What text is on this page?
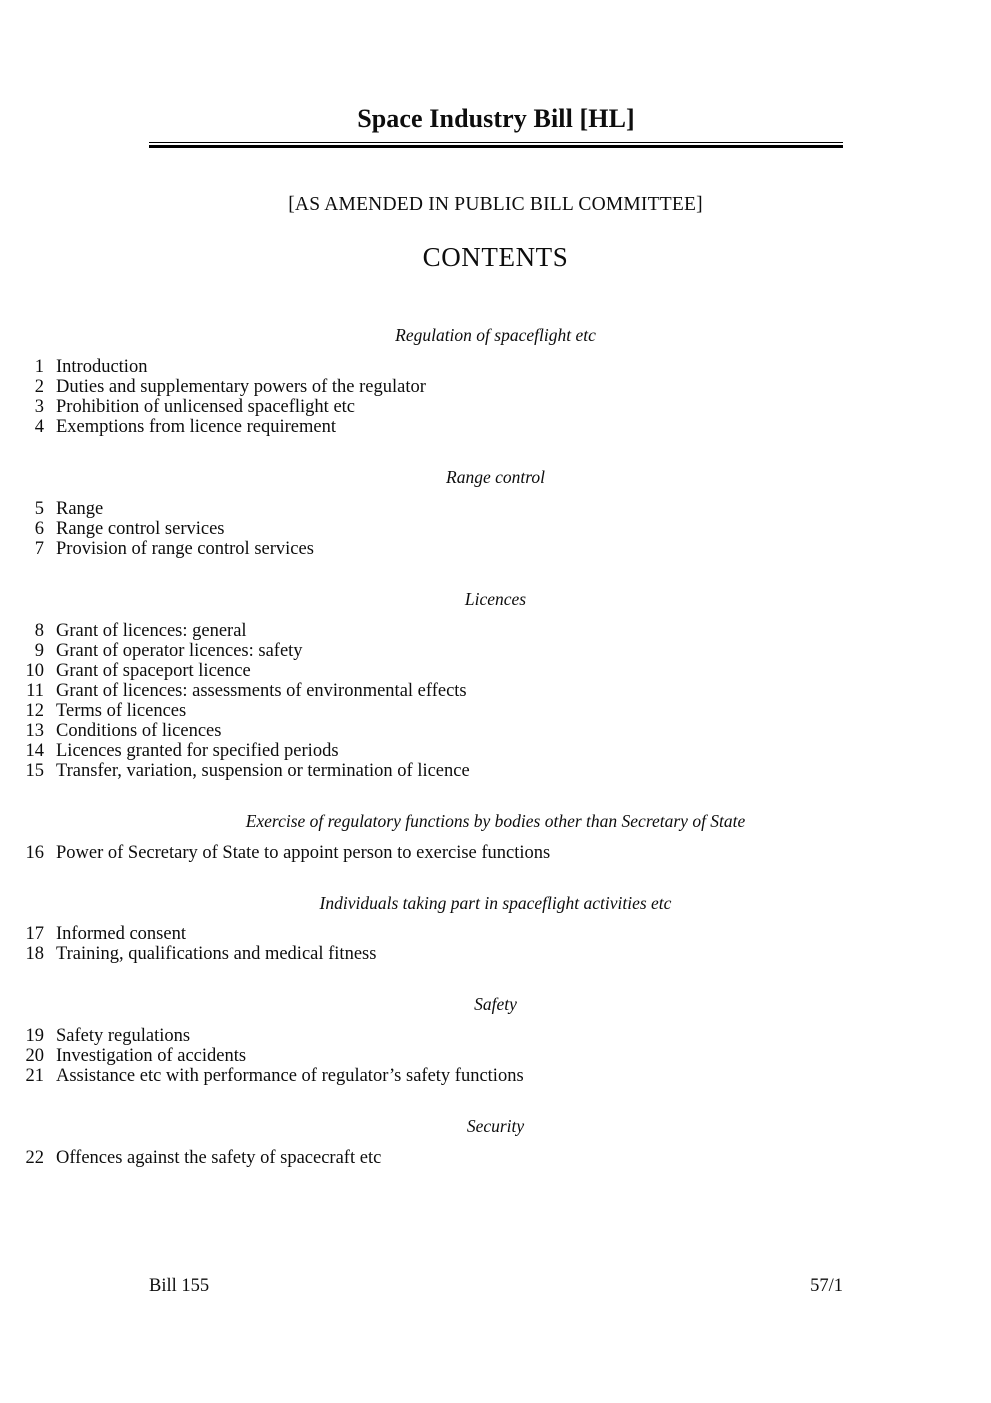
Space Industry Bill [HL]
[AS AMENDED IN PUBLIC BILL COMMITTEE]
CONTENTS
Regulation of spaceflight etc
1 Introduction
2 Duties and supplementary powers of the regulator
3 Prohibition of unlicensed spaceflight etc
4 Exemptions from licence requirement
Range control
5 Range
6 Range control services
7 Provision of range control services
Licences
8 Grant of licences: general
9 Grant of operator licences: safety
10 Grant of spaceport licence
11 Grant of licences: assessments of environmental effects
12 Terms of licences
13 Conditions of licences
14 Licences granted for specified periods
15 Transfer, variation, suspension or termination of licence
Exercise of regulatory functions by bodies other than Secretary of State
16 Power of Secretary of State to appoint person to exercise functions
Individuals taking part in spaceflight activities etc
17 Informed consent
18 Training, qualifications and medical fitness
Safety
19 Safety regulations
20 Investigation of accidents
21 Assistance etc with performance of regulator’s safety functions
Security
22 Offences against the safety of spacecraft etc
Bill 155	57/1
